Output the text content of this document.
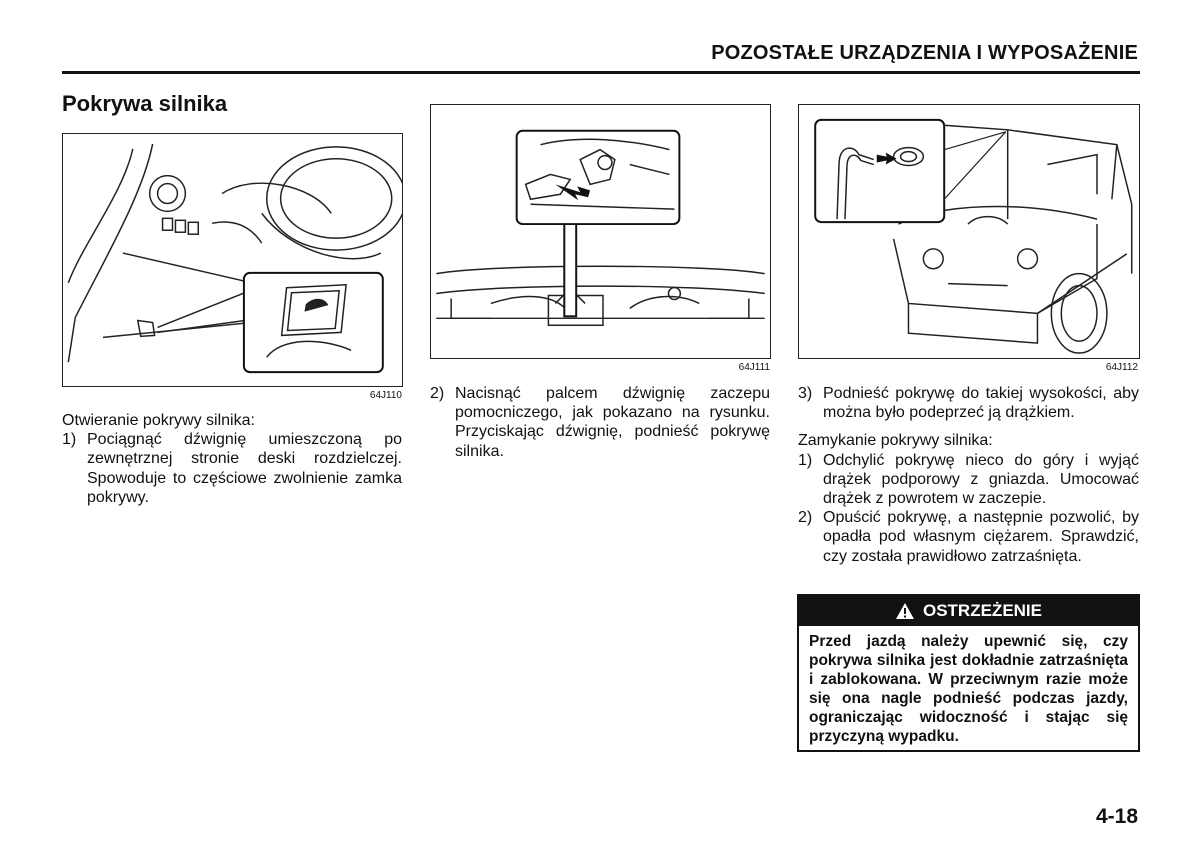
POZOSTAŁE URZĄDZENIA I WYPOSAŻENIE
Pokrywa silnika
64J110
64J111	64J112

Otwieranie pokrywy silnika:

1) Pociągnąć dźwignię umieszczoną po zewnętrznej stronie deski rozdzielczej. Spowoduje to częściowe zwolnienie zamka pokrywy.
2) Nacisnąć palcem dźwignię zaczepu pomocniczego, jak pokazano na rysunku. Przyciskając dźwignię, podnieść pokrywę silnika.
3) Podnieść pokrywę do takiej wysokości, aby można było podeprzeć ją drążkiem.

Zamykanie pokrywy silnika:

1) Odchylić pokrywę nieco do góry i wyjąć drążek podporowy z gniazda. Umocować drążek z powrotem w zaczepie.
2) Opuścić pokrywę, a następnie pozwolić, by opadła pod własnym ciężarem. Sprawdzić, czy została prawidłowo zatrzaśnięta.
OSTRZEŻENIE
Przed jazdą należy upewnić się, czy pokrywa silnika jest dokładnie zatrzaśnięta i zablokowana. W przeciwnym razie może się ona nagle podnieść podczas jazdy, ograniczając widoczność i stając się przyczyną wypadku.
4-18
